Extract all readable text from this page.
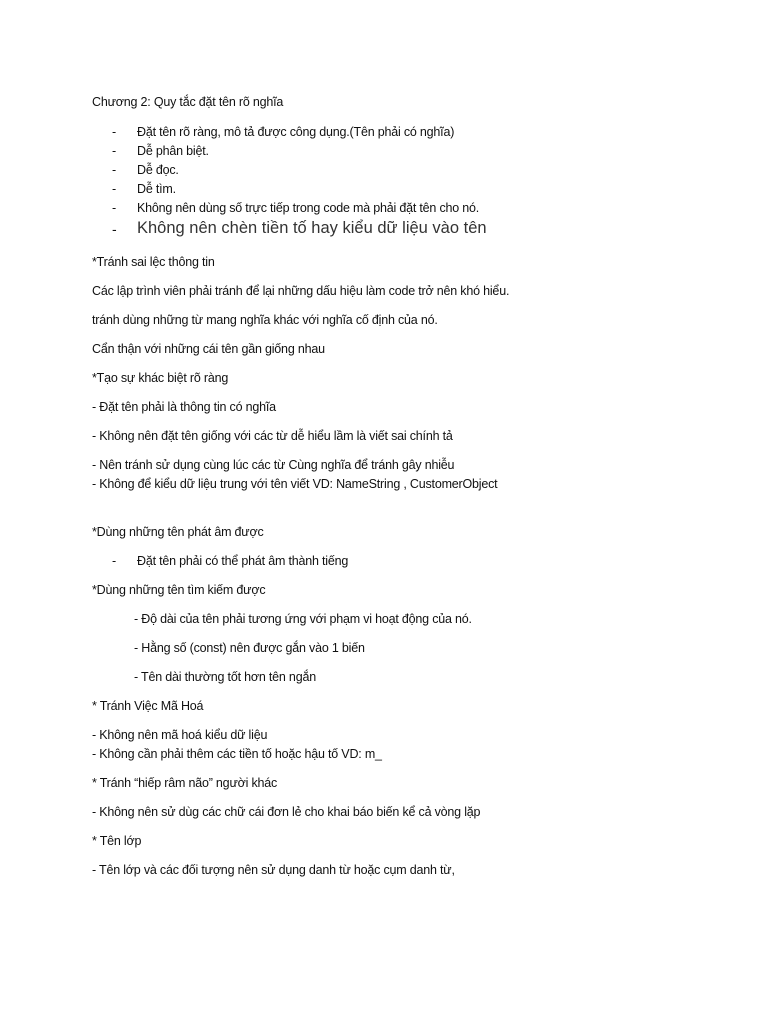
Chương 2: Quy tắc đặt tên rõ nghĩa
- Đặt tên rõ ràng, mô tả được công dụng.(Tên phải có nghĩa)
- Dễ phân biệt.
- Dễ đọc.
- Dễ tìm.
- Không nên dùng số trực tiếp trong code mà phải đặt tên cho nó.
- Không nên chèn tiền tố hay kiểu dữ liệu vào tên
*Tránh sai lệc thông tin
Các lập trình viên phải tránh để lại những dấu hiệu làm code trở nên khó hiểu.
tránh dùng những từ mang nghĩa khác với nghĩa cố định của nó.
Cẩn thận với những cái tên gần giống nhau
*Tạo sự khác biệt rõ ràng
- Đặt tên phải là thông tin có nghĩa
- Không nên đặt tên giống với các từ dễ hiểu lầm là viết sai chính tả
- Nên tránh sử dụng cùng lúc các từ Cùng nghĩa để tránh gây nhiễu
- Không để kiểu dữ liệu trung với tên viết VD: NameString , CustomerObject
*Dùng những tên phát âm được
- Đặt tên phải có thể phát âm thành tiếng
*Dùng những tên tìm kiếm được
- Độ dài của tên phải tương ứng với phạm vi hoạt động của nó.
- Hằng số (const) nên được gắn vào 1 biến
- Tên dài thường tốt hơn tên ngắn
* Tránh Việc Mã Hoá
- Không nên mã hoá kiểu dữ liệu
- Không cần phải thêm các tiền tố hoặc hậu tố VD: m_
* Tránh “hiếp râm não” người khác
- Không nên sử dùg các chữ cái đơn lẻ cho khai báo biến kể cả vòng lặp
* Tên lớp
- Tên lớp và các đối tượng nên sử dụng danh từ hoặc cụm danh từ,
